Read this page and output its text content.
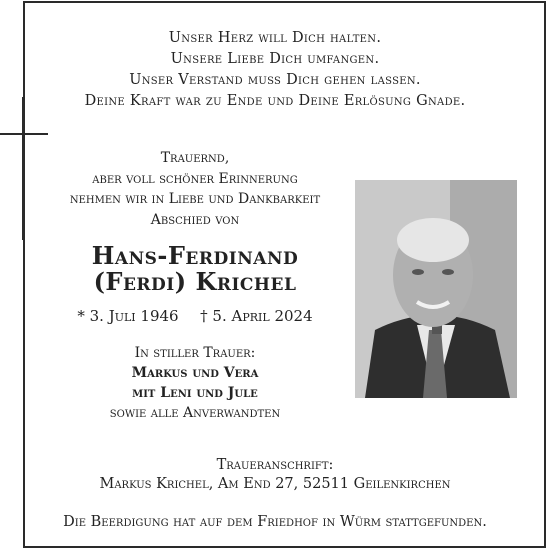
Unser Herz will Dich halten.
Unsere Liebe Dich umfangen.
Unser Verstand muss Dich gehen lassen.
Deine Kraft war zu Ende und Deine Erlösung Gnade.
Trauernd,
aber voll schöner Erinnerung
nehmen wir in Liebe und Dankbarkeit
Abschied von
Hans-Ferdinand
(Ferdi) Krichel
* 3. Juli 1946 † 5. April 2024
In stiller Trauer:
Markus und Vera
mit Leni und Jule
sowie alle Anverwandten
Traueranschrift:
Markus Krichel, Am End 27, 52511 Geilenkirchen
Die Beerdigung hat auf dem Friedhof in Würm stattgefunden.
